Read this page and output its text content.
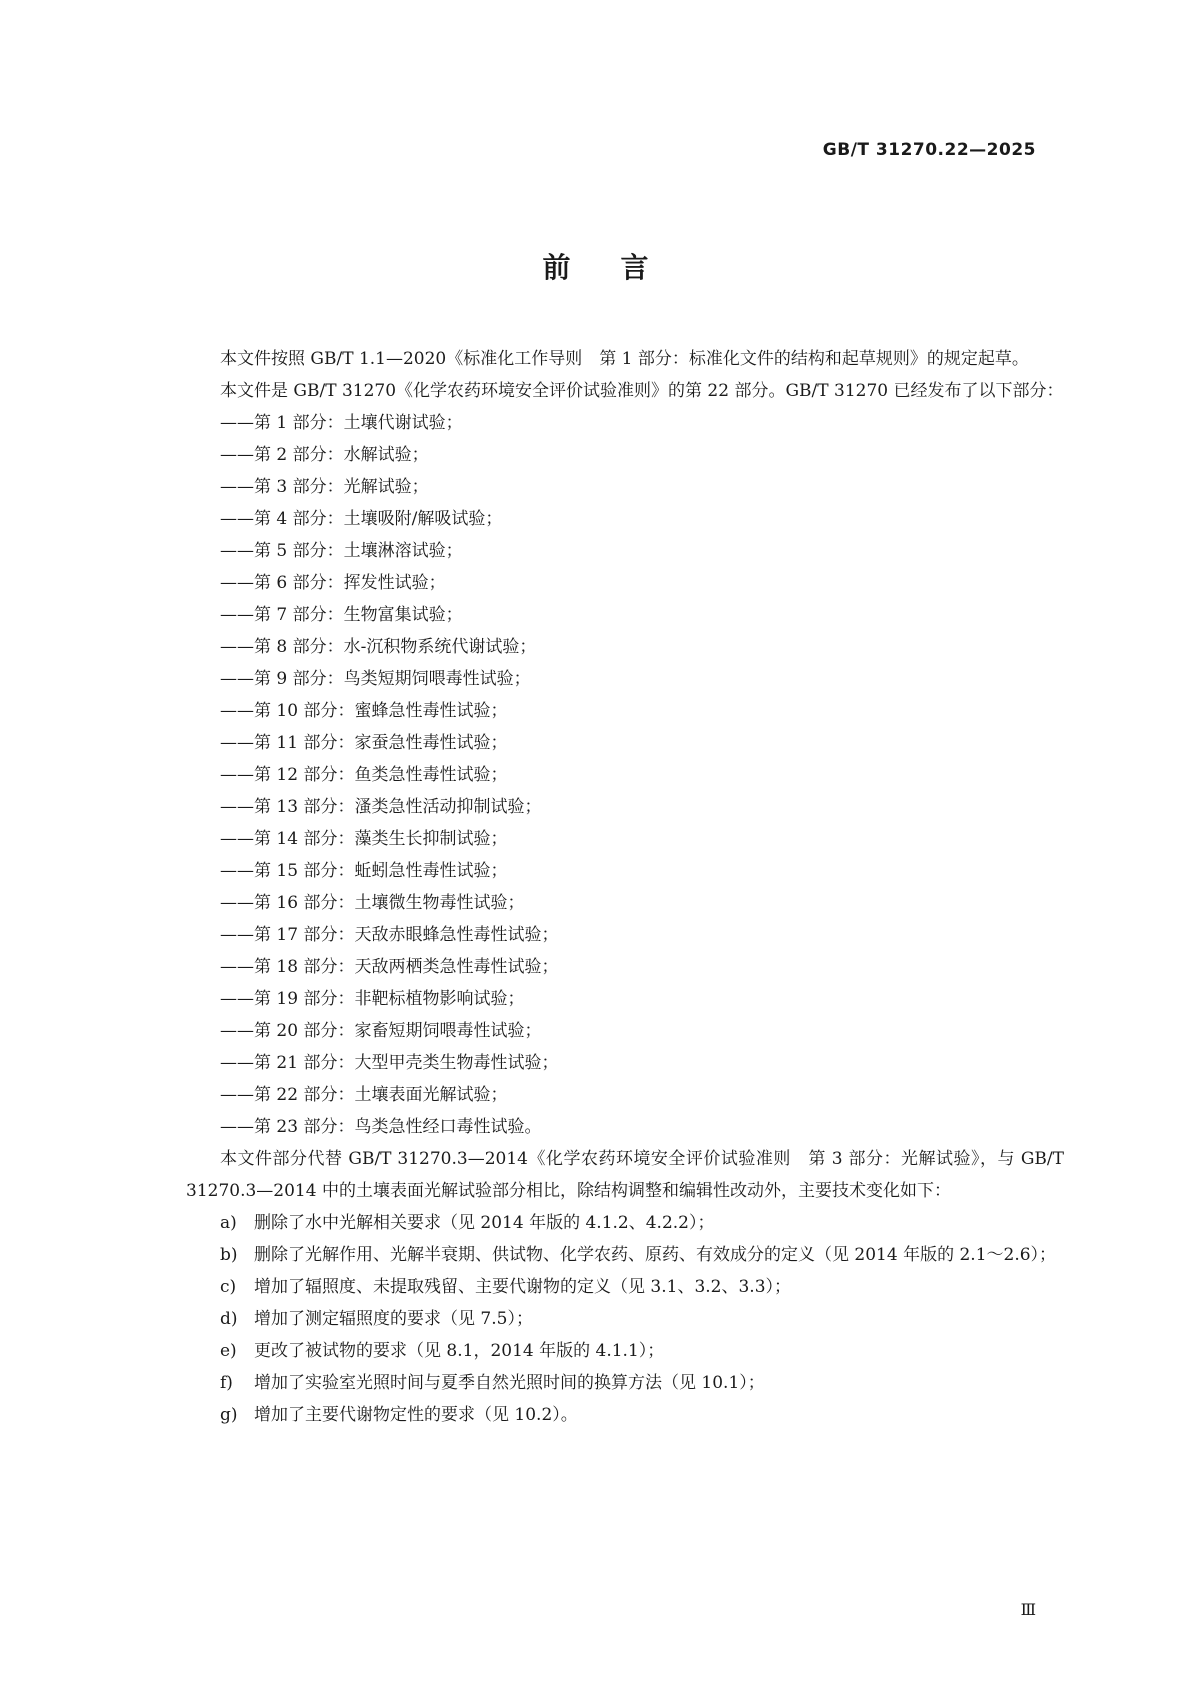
GB/T 31270.22—2025
前言

本文件按照 GB/T 1.1—2020《标准化工作导则　第 1 部分：标准化文件的结构和起草规则》的规定起草。

本文件是 GB/T 31270《化学农药环境安全评价试验准则》的第 22 部分。GB/T 31270 已经发布了以下部分：

——第 1 部分：土壤代谢试验；
——第 2 部分：水解试验；
——第 3 部分：光解试验；
——第 4 部分：土壤吸附/解吸试验；
——第 5 部分：土壤淋溶试验；
——第 6 部分：挥发性试验；
——第 7 部分：生物富集试验；
——第 8 部分：水-沉积物系统代谢试验；
——第 9 部分：鸟类短期饲喂毒性试验；
——第 10 部分：蜜蜂急性毒性试验；
——第 11 部分：家蚕急性毒性试验；
——第 12 部分：鱼类急性毒性试验；
——第 13 部分：溞类急性活动抑制试验；
——第 14 部分：藻类生长抑制试验；
——第 15 部分：蚯蚓急性毒性试验；
——第 16 部分：土壤微生物毒性试验；
——第 17 部分：天敌赤眼蜂急性毒性试验；
——第 18 部分：天敌两栖类急性毒性试验；
——第 19 部分：非靶标植物影响试验；
——第 20 部分：家畜短期饲喂毒性试验；
——第 21 部分：大型甲壳类生物毒性试验；
——第 22 部分：土壤表面光解试验；
——第 23 部分：鸟类急性经口毒性试验。

本文件部分代替 GB/T 31270.3—2014《化学农药环境安全评价试验准则　第 3 部分：光解试验》，与 GB/T 31270.3—2014 中的土壤表面光解试验部分相比，除结构调整和编辑性改动外，主要技术变化如下：

a) 删除了水中光解相关要求（见 2014 年版的 4.1.2、4.2.2）；
b) 删除了光解作用、光解半衰期、供试物、化学农药、原药、有效成分的定义（见 2014 年版的 2.1～2.6）；
c) 增加了辐照度、未提取残留、主要代谢物的定义（见 3.1、3.2、3.3）；
d) 增加了测定辐照度的要求（见 7.5）；
e) 更改了被试物的要求（见 8.1，2014 年版的 4.1.1）；
f) 增加了实验室光照时间与夏季自然光照时间的换算方法（见 10.1）；
g) 增加了主要代谢物定性的要求（见 10.2）。
Ⅲ
